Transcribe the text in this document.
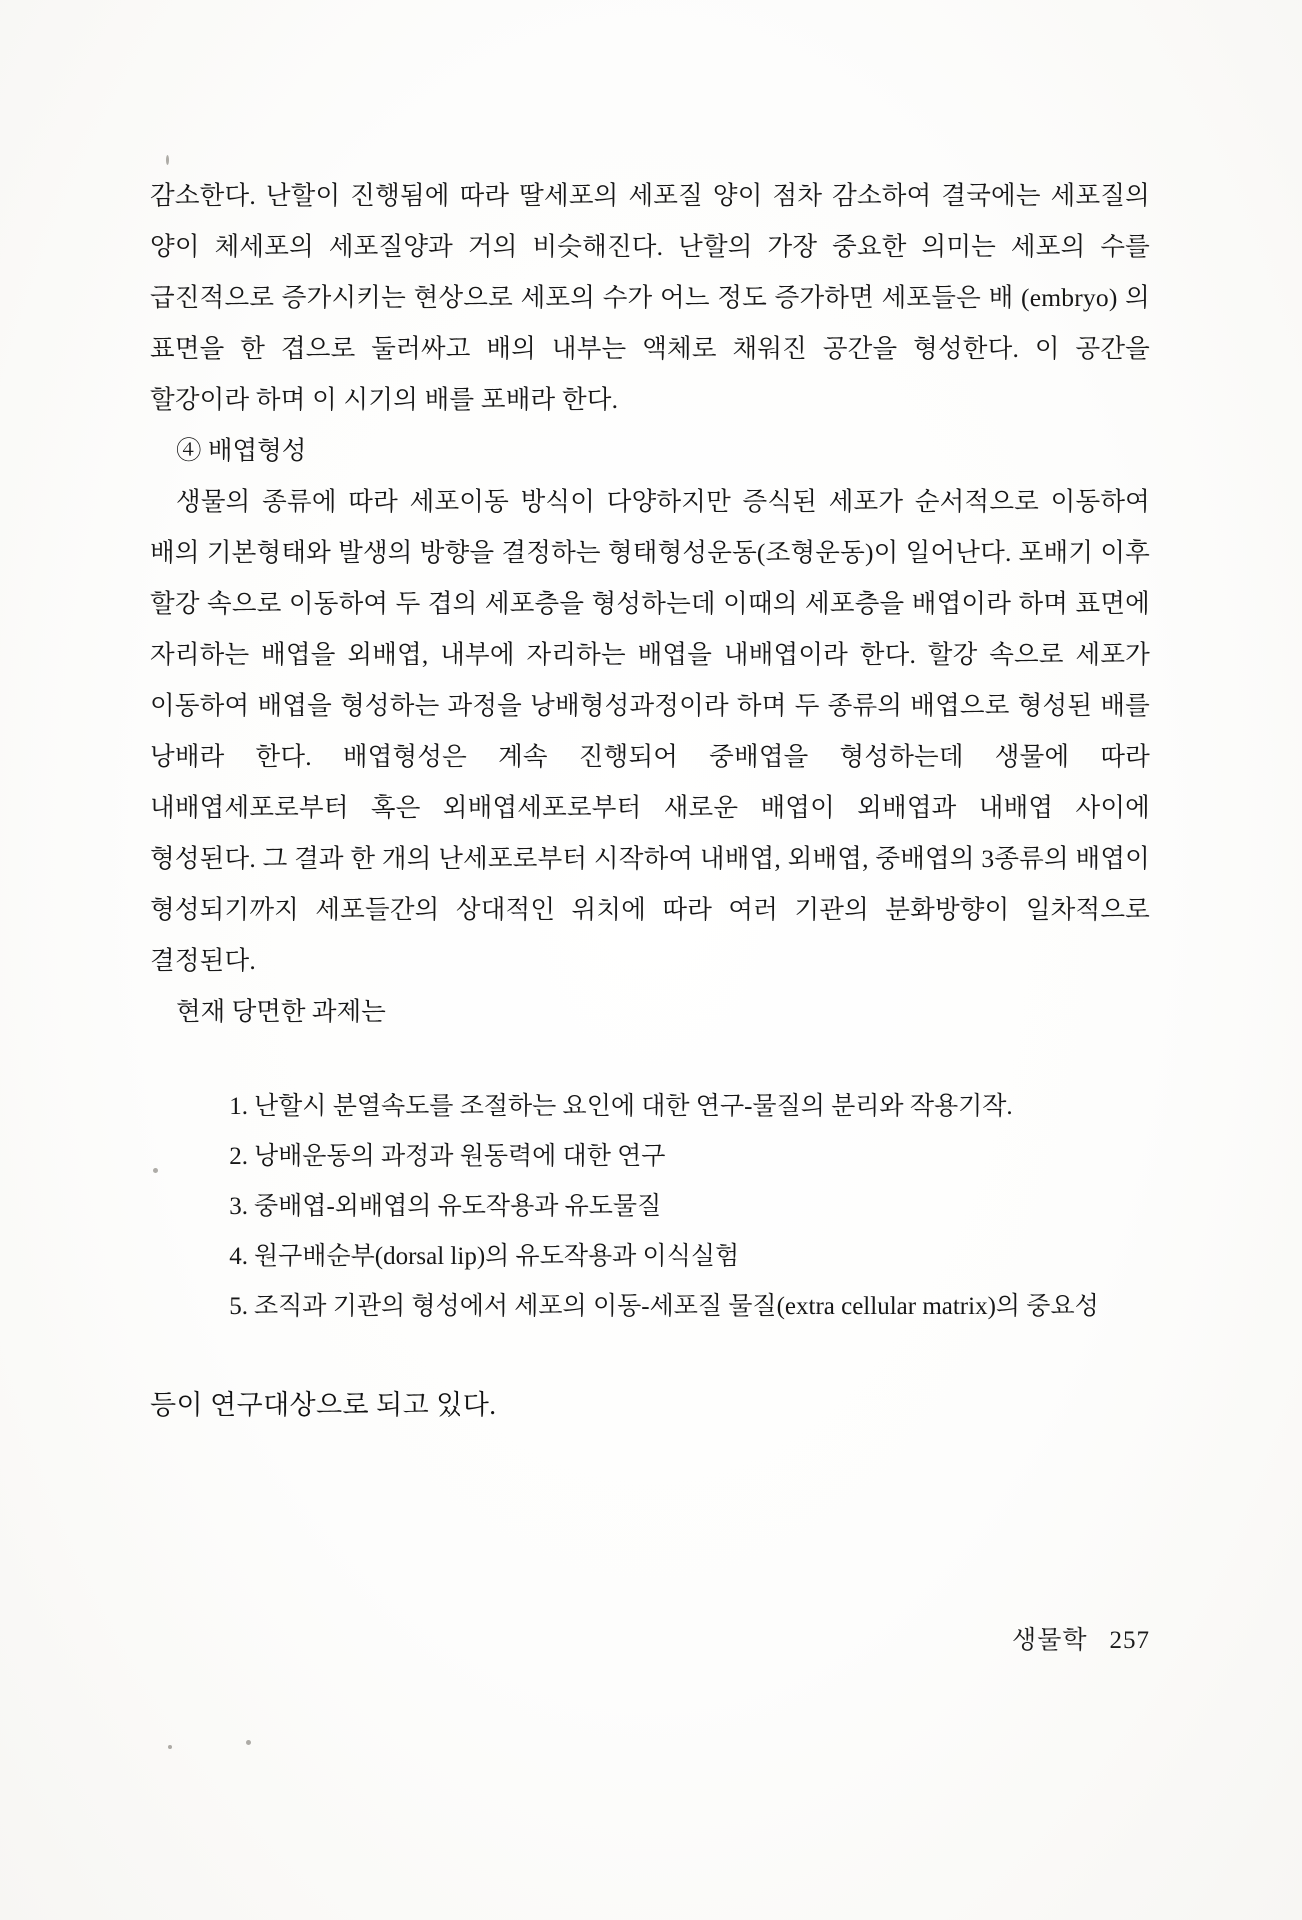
감소한다. 난할이 진행됨에 따라 딸세포의 세포질 양이 점차 감소하여 결국에는 세포질의 양이 체세포의 세포질양과 거의 비슷해진다. 난할의 가장 중요한 의미는 세포의 수를 급진적으로 증가시키는 현상으로 세포의 수가 어느 정도 증가하면 세포들은 배 (embryo) 의 표면을 한 겹으로 둘러싸고 배의 내부는 액체로 채워진 공간을 형성한다. 이 공간을 할강이라 하며 이 시기의 배를 포배라 한다.

④ 배엽형성

생물의 종류에 따라 세포이동 방식이 다양하지만 증식된 세포가 순서적으로 이동하여 배의 기본형태와 발생의 방향을 결정하는 형태형성운동(조형운동)이 일어난다. 포배기 이후 할강 속으로 이동하여 두 겹의 세포층을 형성하는데 이때의 세포층을 배엽이라 하며 표면에 자리하는 배엽을 외배엽, 내부에 자리하는 배엽을 내배엽이라 한다. 할강 속으로 세포가 이동하여 배엽을 형성하는 과정을 낭배형성과정이라 하며 두 종류의 배엽으로 형성된 배를 낭배라 한다. 배엽형성은 계속 진행되어 중배엽을 형성하는데 생물에 따라 내배엽세포로부터 혹은 외배엽세포로부터 새로운 배엽이 외배엽과 내배엽 사이에 형성된다. 그 결과 한 개의 난세포로부터 시작하여 내배엽, 외배엽, 중배엽의 3종류의 배엽이 형성되기까지 세포들간의 상대적인 위치에 따라 여러 기관의 분화방향이 일차적으로 결정된다.

현재 당면한 과제는
1. 난할시 분열속도를 조절하는 요인에 대한 연구-물질의 분리와 작용기작.
2. 낭배운동의 과정과 원동력에 대한 연구
3. 중배엽-외배엽의 유도작용과 유도물질
4. 원구배순부(dorsal lip)의 유도작용과 이식실험
5. 조직과 기관의 형성에서 세포의 이동-세포질 물질(extra cellular matrix)의 중요성

등이 연구대상으로 되고 있다.

생물학 257
